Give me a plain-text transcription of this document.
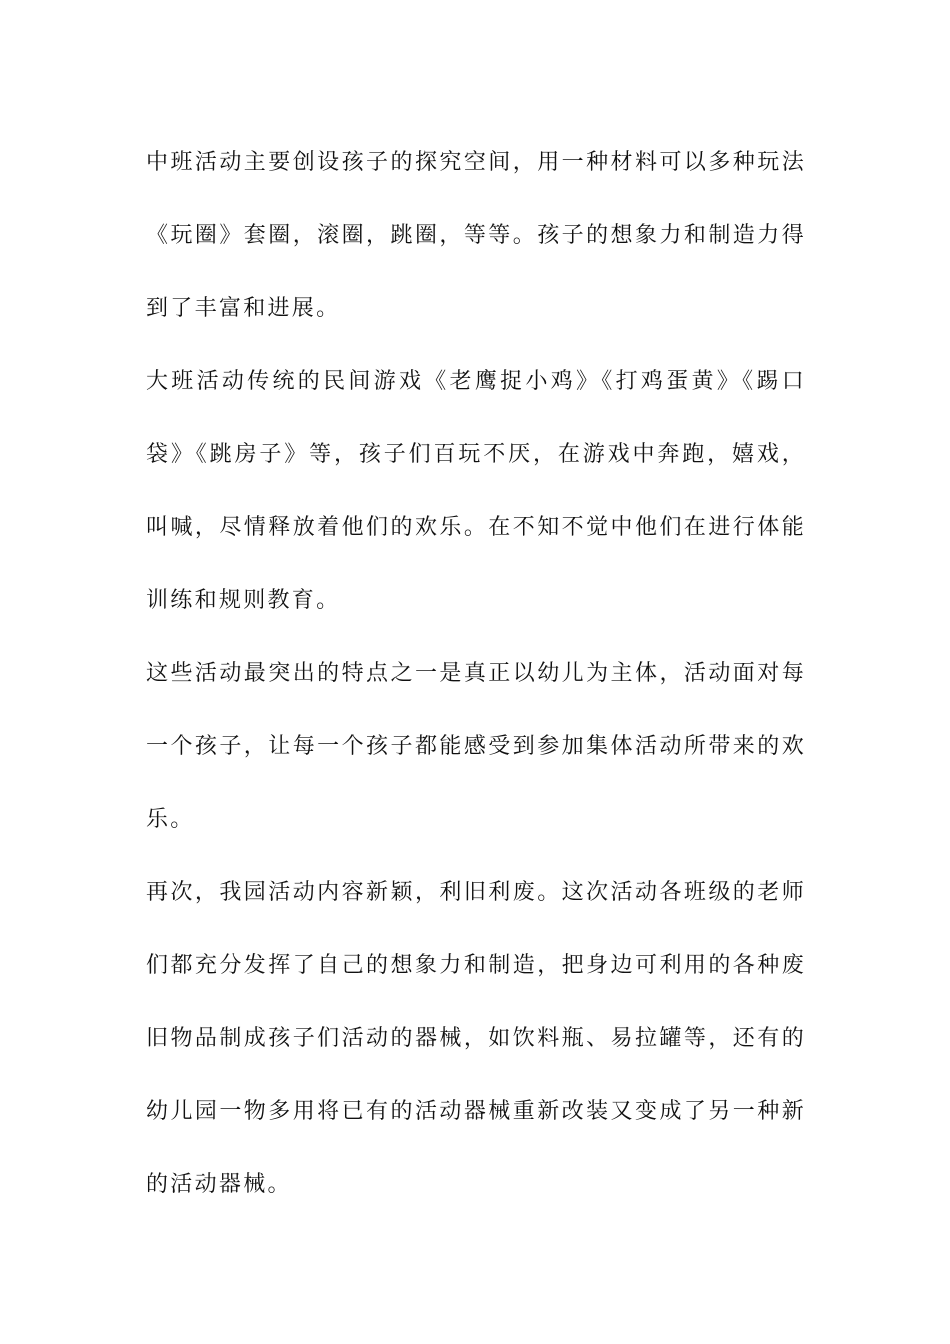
中班活动主要创设孩子的探究空间，用一种材料可以多种玩法《玩圈》套圈，滚圈，跳圈，等等。孩子的想象力和制造力得到了丰富和进展。

大班活动传统的民间游戏《老鹰捉小鸡》《打鸡蛋黄》《踢口袋》《跳房子》等，孩子们百玩不厌，在游戏中奔跑，嬉戏，叫喊，尽情释放着他们的欢乐。在不知不觉中他们在进行体能训练和规则教育。

这些活动最突出的特点之一是真正以幼儿为主体，活动面对每一个孩子，让每一个孩子都能感受到参加集体活动所带来的欢乐。

再次，我园活动内容新颖，利旧利废。这次活动各班级的老师们都充分发挥了自己的想象力和制造，把身边可利用的各种废旧物品制成孩子们活动的器械，如饮料瓶、易拉罐等，还有的幼儿园一物多用将已有的活动器械重新改装又变成了另一种新的活动器械。
